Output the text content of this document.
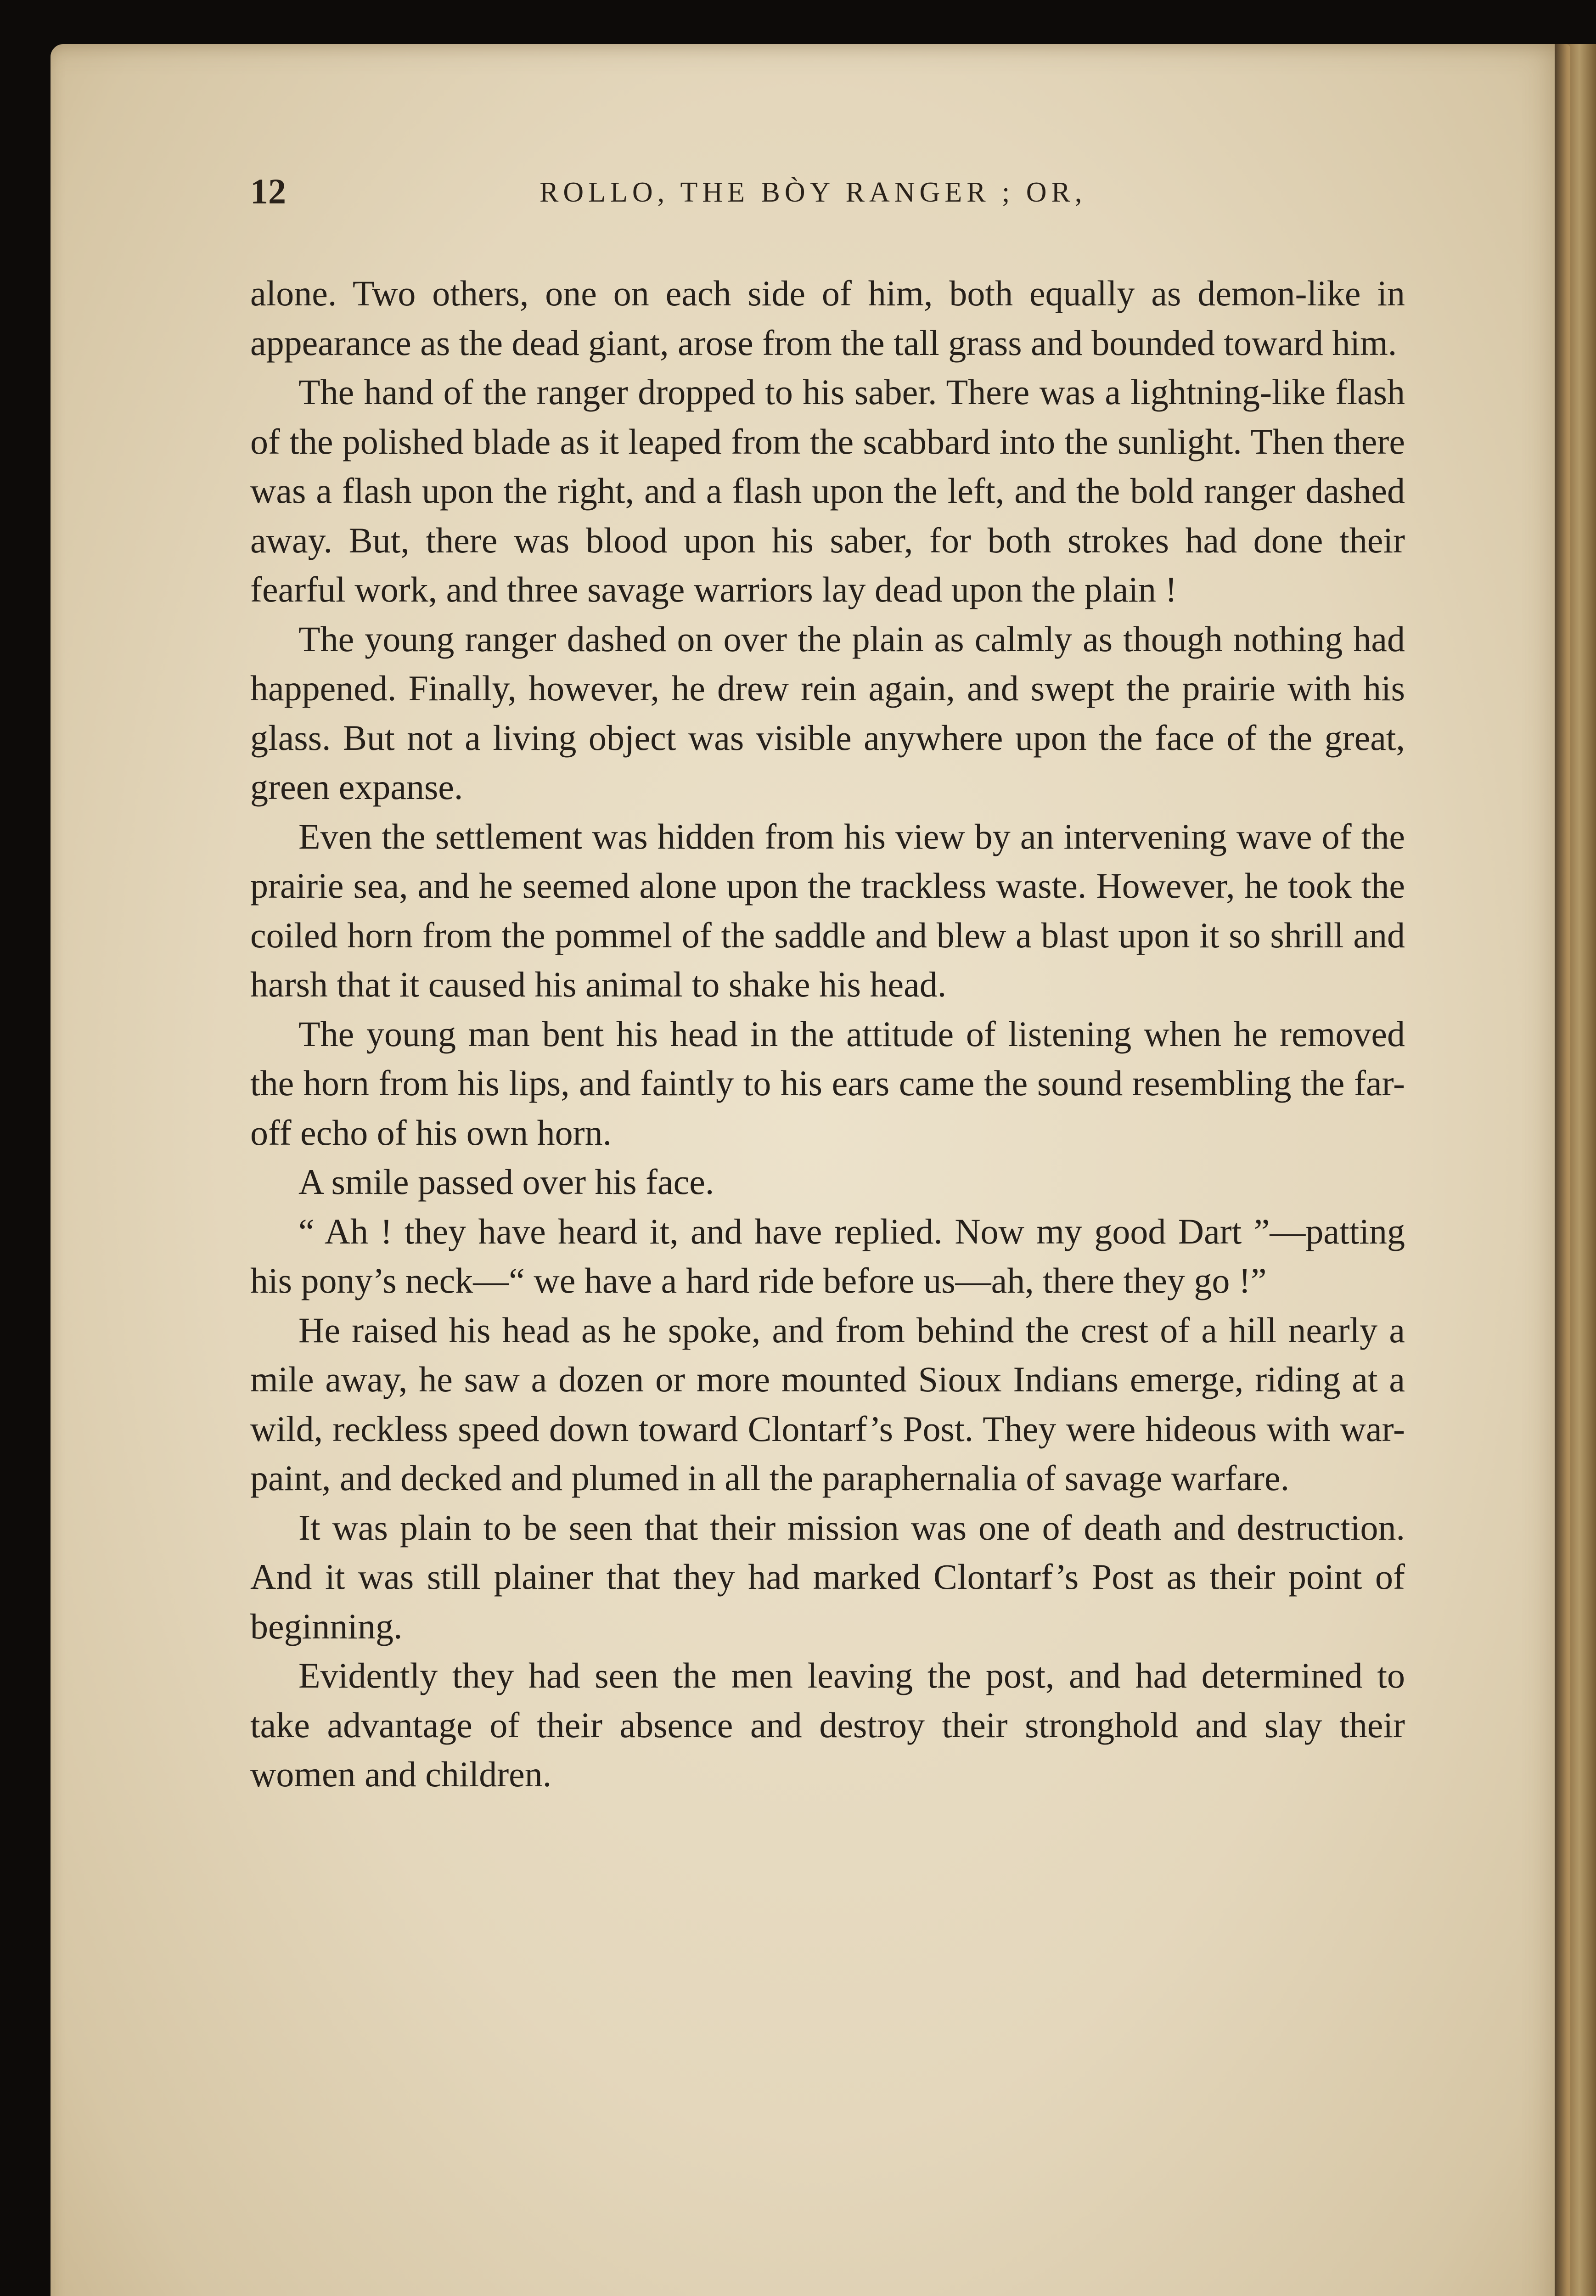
12	ROLLO, THE BÒY RANGER ; OR,

alone. Two others, one on each side of him, both equally as demon-like in appearance as the dead giant, arose from the tall grass and bounded toward him.

The hand of the ranger dropped to his saber. There was a lightning-like flash of the polished blade as it leaped from the scabbard into the sunlight. Then there was a flash upon the right, and a flash upon the left, and the bold ranger dashed away. But, there was blood upon his saber, for both strokes had done their fearful work, and three savage warriors lay dead upon the plain !

The young ranger dashed on over the plain as calmly as though nothing had happened. Finally, however, he drew rein again, and swept the prairie with his glass. But not a living object was visible anywhere upon the face of the great, green expanse.

Even the settlement was hidden from his view by an intervening wave of the prairie sea, and he seemed alone upon the trackless waste. However, he took the coiled horn from the pommel of the saddle and blew a blast upon it so shrill and harsh that it caused his animal to shake his head.

The young man bent his head in the attitude of listening when he removed the horn from his lips, and faintly to his ears came the sound resembling the far-off echo of his own horn.

A smile passed over his face.

“ Ah ! they have heard it, and have replied. Now my good Dart ”—patting his pony’s neck—“ we have a hard ride before us—ah, there they go !”

He raised his head as he spoke, and from behind the crest of a hill nearly a mile away, he saw a dozen or more mounted Sioux Indians emerge, riding at a wild, reckless speed down toward Clontarf’s Post. They were hideous with war-paint, and decked and plumed in all the paraphernalia of savage warfare.

It was plain to be seen that their mission was one of death and destruction. And it was still plainer that they had marked Clontarf’s Post as their point of beginning.

Evidently they had seen the men leaving the post, and had determined to take advantage of their absence and destroy their stronghold and slay their women and children.
